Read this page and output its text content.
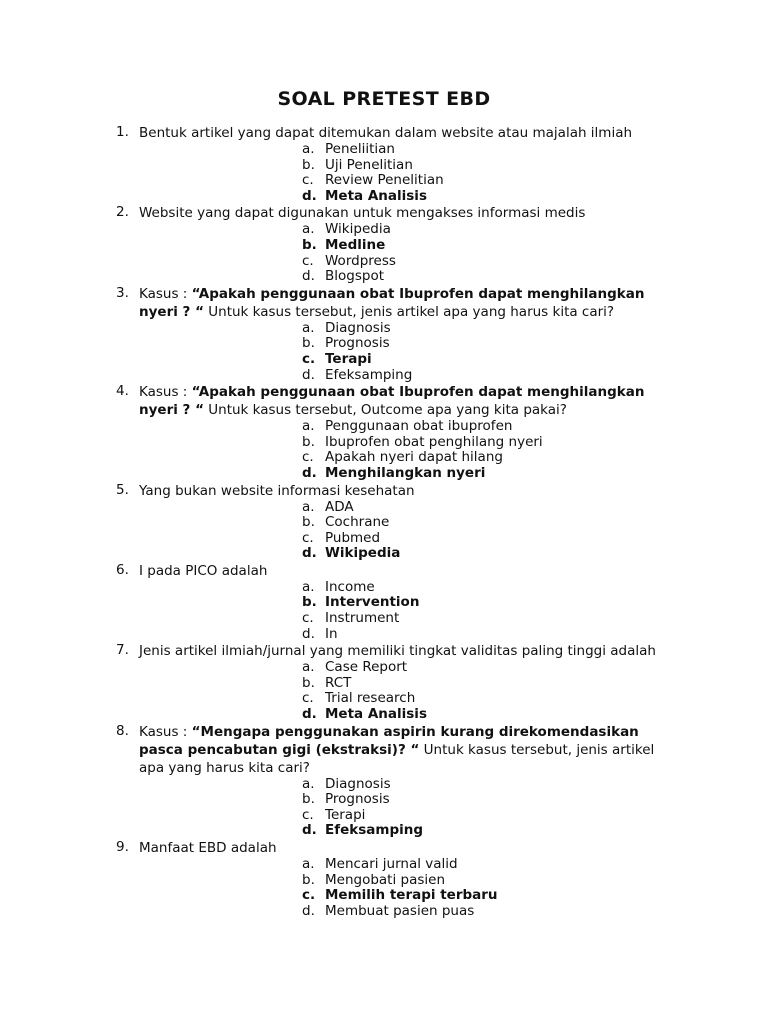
SOAL PRETEST EBD
1. Bentuk artikel yang dapat ditemukan dalam website atau majalah ilmiah
a. Peneliitian
b. Uji Penelitian
c. Review Penelitian
d. Meta Analisis
2. Website yang dapat digunakan untuk mengakses informasi medis
a. Wikipedia
b. Medline
c. Wordpress
d. Blogspot
3. Kasus : “Apakah penggunaan obat Ibuprofen dapat menghilangkan nyeri ? “ Untuk kasus tersebut, jenis artikel apa yang harus kita cari?
a. Diagnosis
b. Prognosis
c. Terapi
d. Efeksamping
4. Kasus : “Apakah penggunaan obat Ibuprofen dapat menghilangkan nyeri ? “ Untuk kasus tersebut, Outcome apa yang kita pakai?
a. Penggunaan obat ibuprofen
b. Ibuprofen obat penghilang nyeri
c. Apakah nyeri dapat hilang
d. Menghilangkan nyeri
5. Yang bukan website informasi kesehatan
a. ADA
b. Cochrane
c. Pubmed
d. Wikipedia
6. I pada PICO adalah
a. Income
b. Intervention
c. Instrument
d. In
7. Jenis artikel ilmiah/jurnal yang memiliki tingkat validitas paling tinggi adalah
a. Case Report
b. RCT
c. Trial research
d. Meta Analisis
8. Kasus : “Mengapa penggunakan aspirin kurang direkomendasikan pasca pencabutan gigi (ekstraksi)? “ Untuk kasus tersebut, jenis artikel apa yang harus kita cari?
a. Diagnosis
b. Prognosis
c. Terapi
d. Efeksamping
9. Manfaat EBD adalah
a. Mencari jurnal valid
b. Mengobati pasien
c. Memilih terapi terbaru
d. Membuat pasien puas
